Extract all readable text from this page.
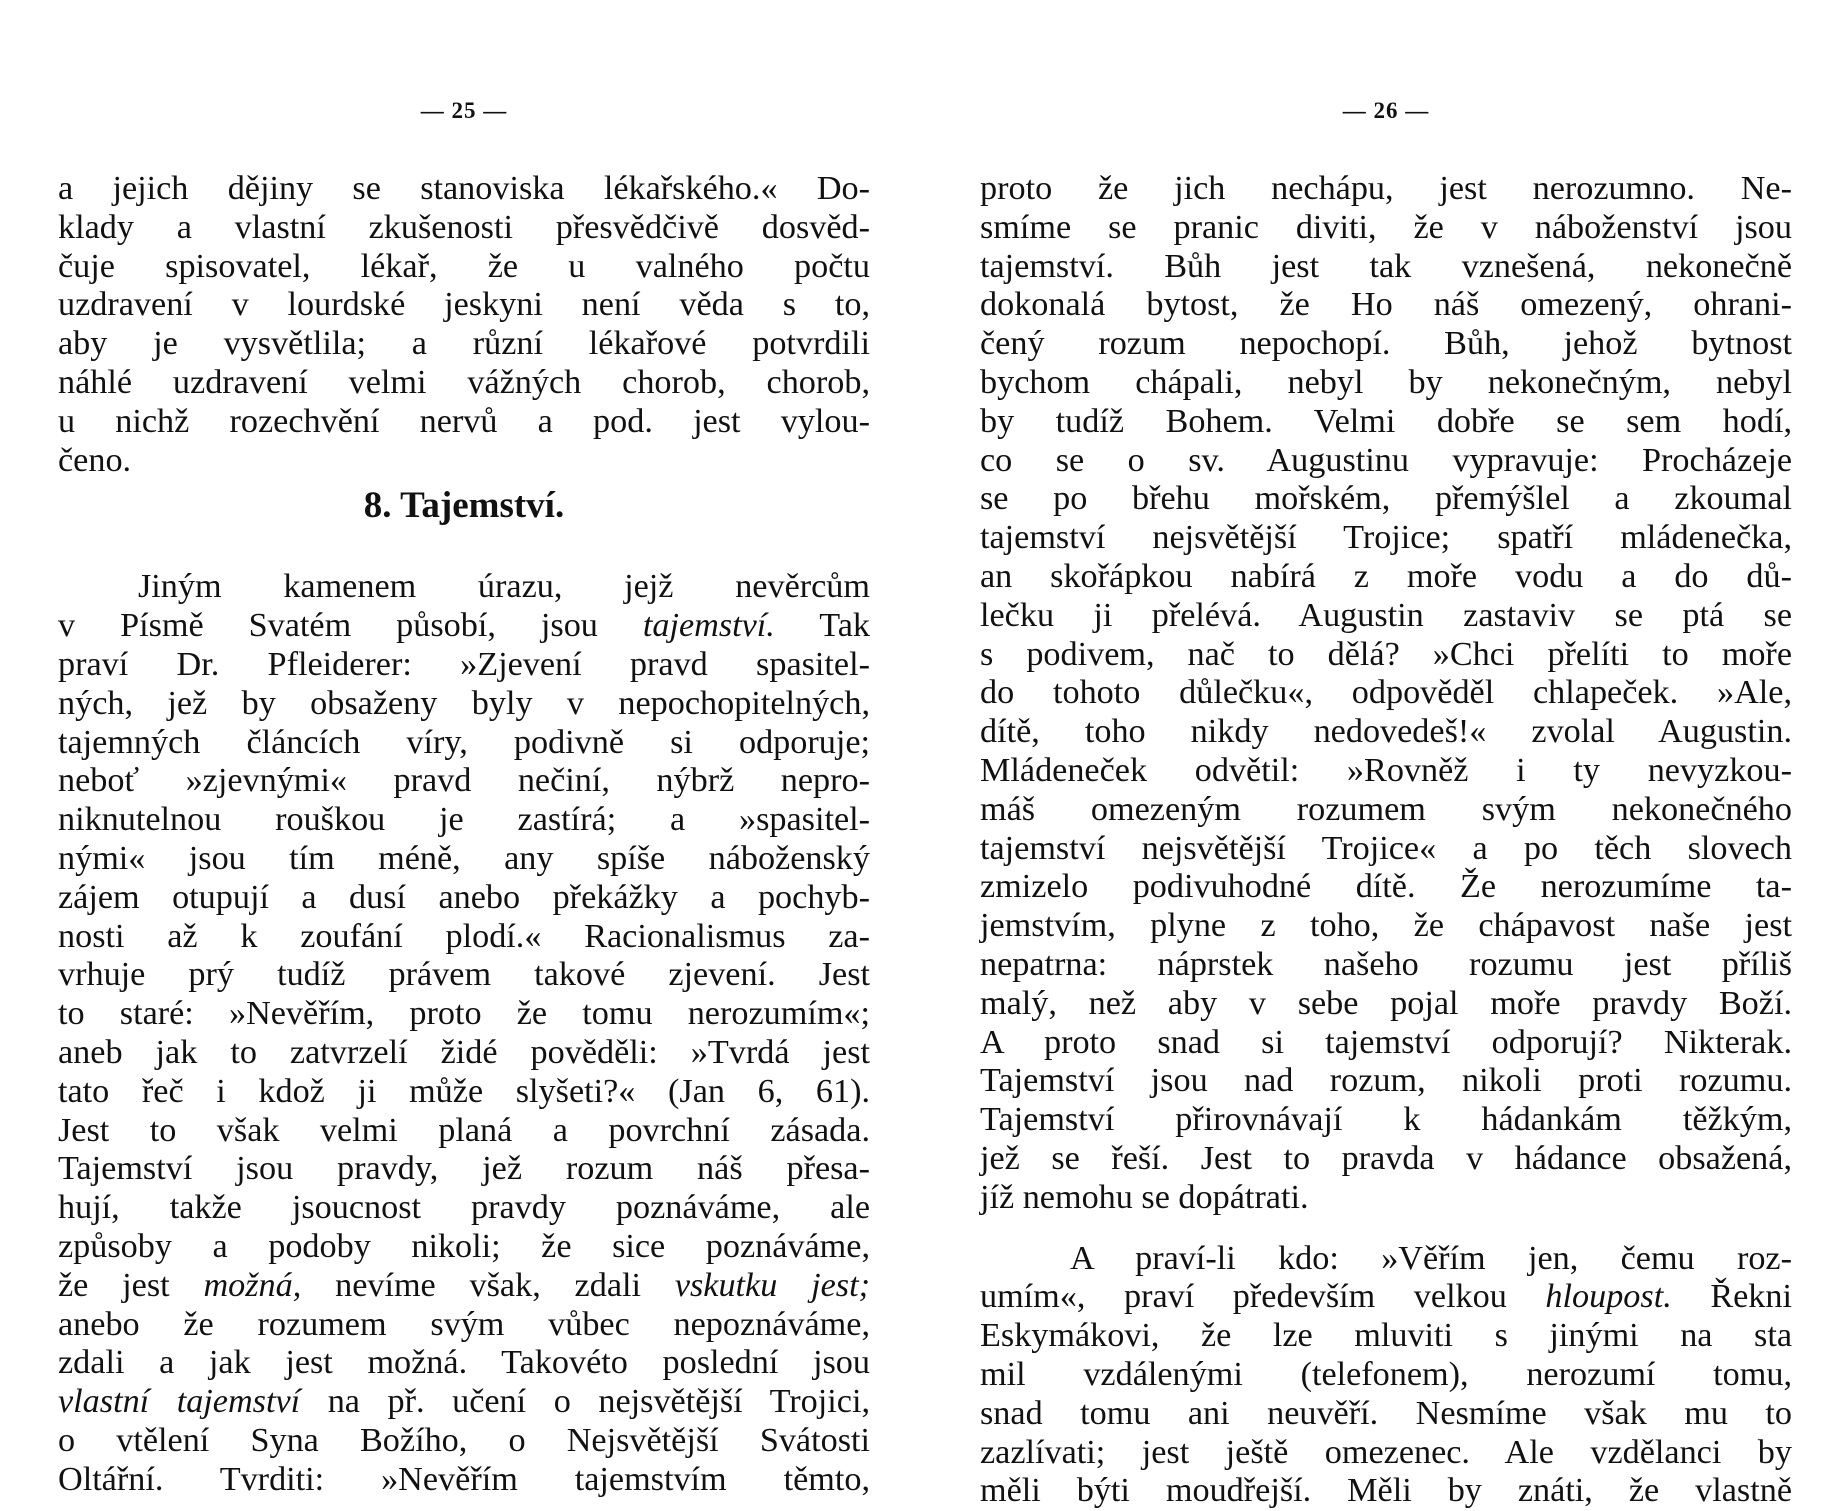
— 25 —
a jejich dějiny se stanoviska lékařského.« Do-
klady a vlastní zkušenosti přesvědčivě dosvěd-
čuje spisovatel, lékař, že u valného počtu
uzdravení v lourdské jeskyni není věda s to,
aby je vysvětlila; a různí lékařové potvrdili
náhlé uzdravení velmi vážných chorob, chorob,
u nichž rozechvění nervů a pod. jest vylou-
čeno.
8. Tajemství.
Jiným kamenem úrazu, jejž nevěrcům
v Písmě Svatém působí, jsou tajemství. Tak
praví Dr. Pfleiderer: »Zjevení pravd spasitel-
ných, jež by obsaženy byly v nepochopitelných,
tajemných článcích víry, podivně si odporuje;
neboť »zjevnými« pravd nečiní, nýbrž nepro-
niknutelnou rouškou je zastírá; a »spasitel-
nými« jsou tím méně, any spíše náboženský
zájem otupují a dusí anebo překážky a pochyb-
nosti až k zoufání plodí.« Racionalismus za-
vrhuje prý tudíž právem takové zjevení. Jest
to staré: »Nevěřím, proto že tomu nerozumím«;
aneb jak to zatvrzelí židé pověděli: »Tvrdá jest
tato řeč i kdož ji může slyšeti?« (Jan 6, 61).
Jest to však velmi planá a povrchní zásada.
Tajemství jsou pravdy, jež rozum náš přesa-
hují, takže jsoucnost pravdy poznáváme, ale
způsoby a podoby nikoli; že sice poznáváme,
že jest možná, nevíme však, zdali vskutku jest;
anebo že rozumem svým vůbec nepoznáváme,
zdali a jak jest možná. Takovéto poslední jsou
vlastní tajemství na př. učení o nejsvětější Trojici,
o vtělení Syna Božího, o Nejsvětější Svátosti
Oltářní. Tvrditi: »Nevěřím tajemstvím těmto,
— 26 —
proto že jich nechápu, jest nerozumno. Ne-
smíme se pranic diviti, že v náboženství jsou
tajemství. Bůh jest tak vznešená, nekonečně
dokonalá bytost, že Ho náš omezený, ohrani-
čený rozum nepochopí. Bůh, jehož bytnost
bychom chápali, nebyl by nekonečným, nebyl
by tudíž Bohem. Velmi dobře se sem hodí,
co se o sv. Augustinu vypravuje: Procházeje
se po břehu mořském, přemýšlel a zkoumal
tajemství nejsvětější Trojice; spatří mládenečka,
an skořápkou nabírá z moře vodu a do dů-
lečku ji přelévá. Augustin zastaviv se ptá se
s podivem, nač to dělá? »Chci přelíti to moře
do tohoto důlečku«, odpověděl chlapeček. »Ale,
dítě, toho nikdy nedovedeš!« zvolal Augustin.
Mládeneček odvětil: »Rovněž i ty nevyzkou-
máš omezeným rozumem svým nekonečného
tajemství nejsvětější Trojice« a po těch slovech
zmizelo podivuhodné dítě. Že nerozumíme ta-
jemstvím, plyne z toho, že chápavost naše jest
nepatrna: náprstek našeho rozumu jest příliš
malý, než aby v sebe pojal moře pravdy Boží.
A proto snad si tajemství odporují? Nikterak.
Tajemství jsou nad rozum, nikoli proti rozumu.
Tajemství přirovnávají k hádankám těžkým,
jež se řeší. Jest to pravda v hádance obsažená,
jíž nemohu se dopátrati.
A praví-li kdo: »Věřím jen, čemu roz-
umím«, praví především velkou hloupost. Řekni
Eskymákovi, že lze mluviti s jinými na sta
mil vzdálenými (telefonem), nerozumí tomu,
snad tomu ani neuvěří. Nesmíme však mu to
zazlívati; jest ještě omezenec. Ale vzdělanci by
měli býti moudřejší. Měli by znáti, že vlastně
